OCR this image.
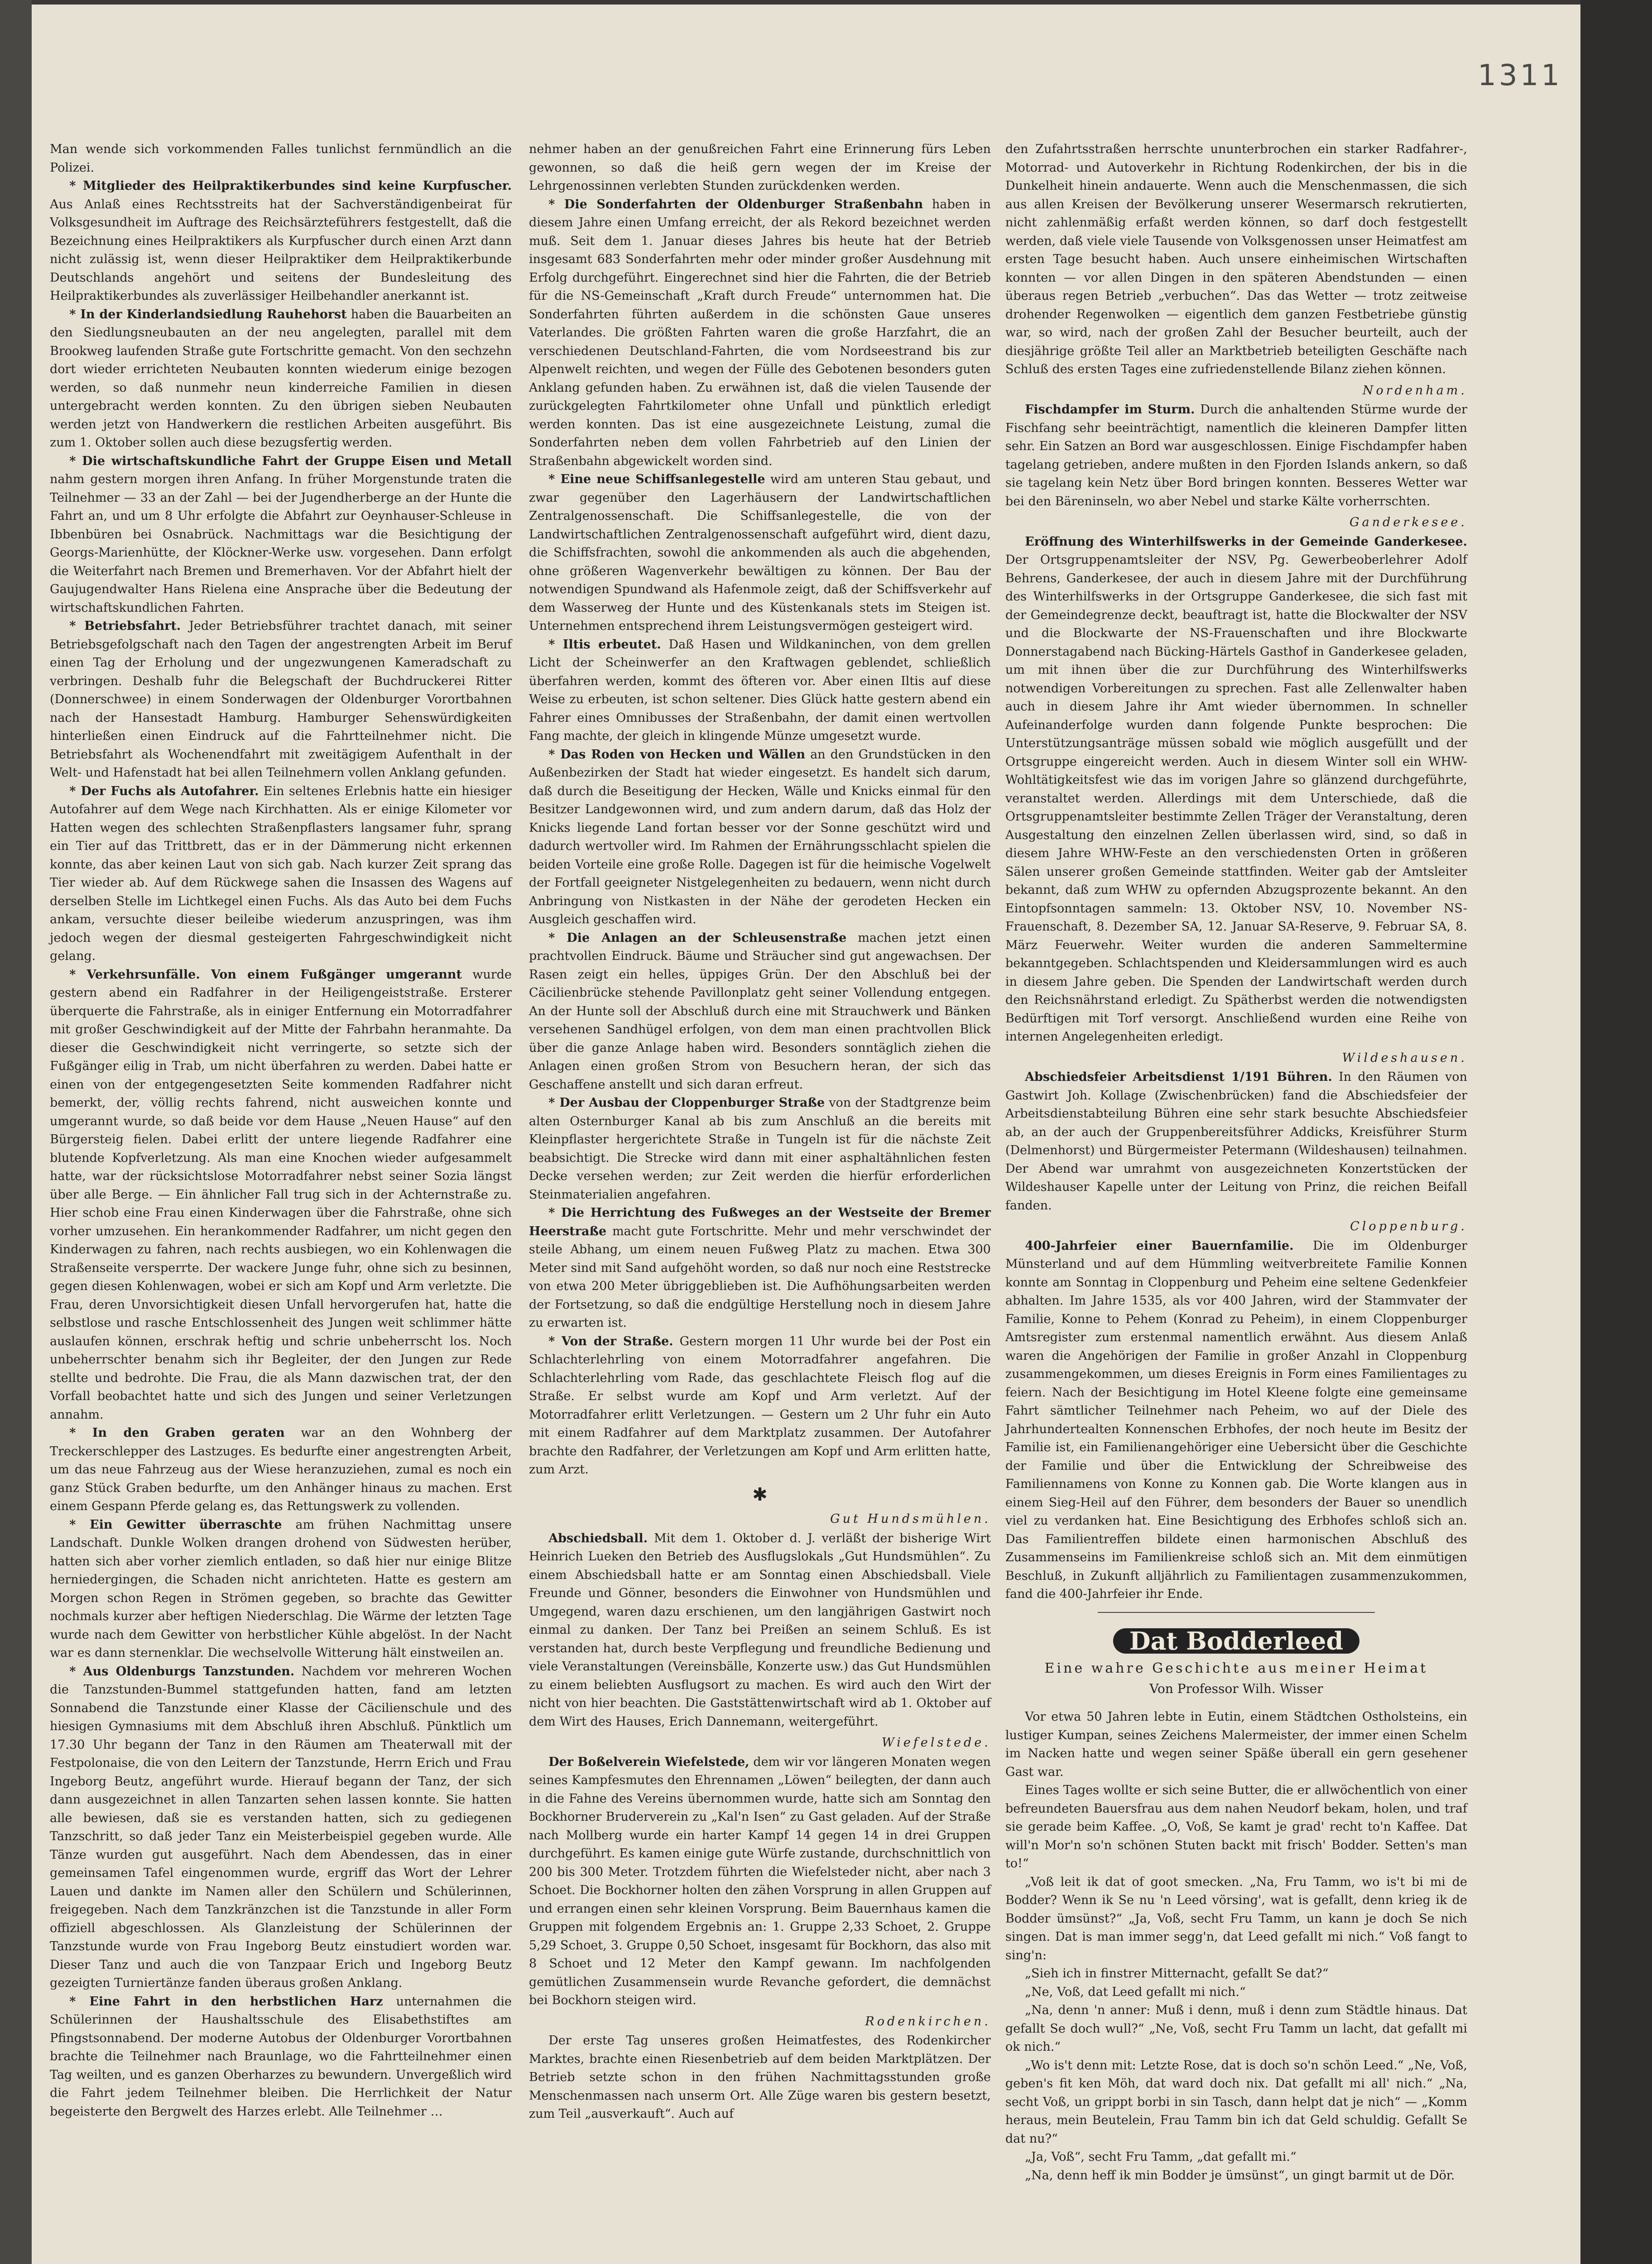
1311

Man wende sich vorkommenden Falles tunlichst fernmündlich an die Polizei.

* Mitglieder des Heilpraktikerbundes sind keine Kurpfuscher. Aus Anlaß eines Rechtsstreits hat der Sachverständigenbeirat für Volksgesundheit im Auftrage des Reichsärzteführers festgestellt, daß die Bezeichnung eines Heilpraktikers als Kurpfuscher durch einen Arzt dann nicht zulässig ist, wenn dieser Heilpraktiker dem Heilpraktikerbunde Deutschlands angehört und seitens der Bundesleitung des Heilpraktikerbundes als zuverlässiger Heilbehandler anerkannt ist.

* In der Kinderlandsiedlung Rauhehorst haben die Bauarbeiten an den Siedlungsneubauten an der neu angelegten, parallel mit dem Brookweg laufenden Straße gute Fortschritte gemacht. Von den sechzehn dort wieder errichteten Neubauten konnten wiederum einige bezogen werden, so daß nunmehr neun kinderreiche Familien in diesen untergebracht werden konnten. Zu den übrigen sieben Neubauten werden jetzt von Handwerkern die restlichen Arbeiten ausgeführt. Bis zum 1. Oktober sollen auch diese bezugsfertig werden.

* Die wirtschaftskundliche Fahrt der Gruppe Eisen und Metall nahm gestern morgen ihren Anfang. In früher Morgenstunde traten die Teilnehmer — 33 an der Zahl — bei der Jugendherberge an der Hunte die Fahrt an, und um 8 Uhr erfolgte die Abfahrt zur Oeynhauser-Schleuse in Ibbenbüren bei Osnabrück. Nachmittags war die Besichtigung der Georgs-Marienhütte, der Klöckner-Werke usw. vorgesehen. Dann erfolgt die Weiterfahrt nach Bremen und Bremerhaven. Vor der Abfahrt hielt der Gaujugendwalter Hans Rielena eine Ansprache über die Bedeutung der wirtschaftskundlichen Fahrten.

* Betriebsfahrt. Jeder Betriebsführer trachtet danach, mit seiner Betriebsgefolgschaft nach den Tagen der angestrengten Arbeit im Beruf einen Tag der Erholung und der ungezwungenen Kameradschaft zu verbringen. Deshalb fuhr die Belegschaft der Buchdruckerei Ritter (Donnerschwee) in einem Sonderwagen der Oldenburger Vorortbahnen nach der Hansestadt Hamburg. Hamburger Sehenswürdigkeiten hinterließen einen Eindruck auf die Fahrtteilnehmer nicht. Die Betriebsfahrt als Wochenendfahrt mit zweitägigem Aufenthalt in der Welt- und Hafenstadt hat bei allen Teilnehmern vollen Anklang gefunden.

* Der Fuchs als Autofahrer. Ein seltenes Erlebnis hatte ein hiesiger Autofahrer auf dem Wege nach Kirchhatten. Als er einige Kilometer vor Hatten wegen des schlechten Straßenpflasters langsamer fuhr, sprang ein Tier auf das Trittbrett, das er in der Dämmerung nicht erkennen konnte, das aber keinen Laut von sich gab. Nach kurzer Zeit sprang das Tier wieder ab. Auf dem Rückwege sahen die Insassen des Wagens auf derselben Stelle im Lichtkegel einen Fuchs. Als das Auto bei dem Fuchs ankam, versuchte dieser beileibe wiederum anzuspringen, was ihm jedoch wegen der diesmal gesteigerten Fahrgeschwindigkeit nicht gelang.

* Verkehrsunfälle. Von einem Fußgänger umgerannt wurde gestern abend ein Radfahrer in der Heiligengeiststraße. Ersterer überquerte die Fahrstraße, als in einiger Entfernung ein Motorradfahrer mit großer Geschwindigkeit auf der Mitte der Fahrbahn heranmahte. Da dieser die Geschwindigkeit nicht verringerte, so setzte sich der Fußgänger eilig in Trab, um nicht überfahren zu werden. Dabei hatte er einen von der entgegengesetzten Seite kommenden Radfahrer nicht bemerkt, der, völlig rechts fahrend, nicht ausweichen konnte und umgerannt wurde, so daß beide vor dem Hause „Neuen Hause“ auf den Bürgersteig fielen. Dabei erlitt der untere liegende Radfahrer eine blutende Kopfverletzung. Als man eine Knochen wieder aufgesammelt hatte, war der rücksichtslose Motorradfahrer nebst seiner Sozia längst über alle Berge. — Ein ähnlicher Fall trug sich in der Achternstraße zu. Hier schob eine Frau einen Kinderwagen über die Fahrstraße, ohne sich vorher umzusehen. Ein herankommender Radfahrer, um nicht gegen den Kinderwagen zu fahren, nach rechts ausbiegen, wo ein Kohlenwagen die Straßenseite versperrte. Der wackere Junge fuhr, ohne sich zu besinnen, gegen diesen Kohlenwagen, wobei er sich am Kopf und Arm verletzte. Die Frau, deren Unvorsichtigkeit diesen Unfall hervorgerufen hat, hatte die selbstlose und rasche Entschlossenheit des Jungen weit schlimmer hätte auslaufen können, erschrak heftig und schrie unbeherrscht los. Noch unbeherrschter benahm sich ihr Begleiter, der den Jungen zur Rede stellte und bedrohte. Die Frau, die als Mann dazwischen trat, der den Vorfall beobachtet hatte und sich des Jungen und seiner Verletzungen annahm.

* In den Graben geraten war an den Wohnberg der Treckerschlepper des Lastzuges. Es bedurfte einer angestrengten Arbeit, um das neue Fahrzeug aus der Wiese heranzuziehen, zumal es noch ein ganz Stück Graben bedurfte, um den Anhänger hinaus zu machen. Erst einem Gespann Pferde gelang es, das Rettungswerk zu vollenden.

* Ein Gewitter überraschte am frühen Nachmittag unsere Landschaft. Dunkle Wolken drangen drohend von Südwesten herüber, hatten sich aber vorher ziemlich entladen, so daß hier nur einige Blitze herniedergingen, die Schaden nicht anrichteten. Hatte es gestern am Morgen schon Regen in Strömen gegeben, so brachte das Gewitter nochmals kurzer aber heftigen Niederschlag. Die Wärme der letzten Tage wurde nach dem Gewitter von herbstlicher Kühle abgelöst. In der Nacht war es dann sternenklar. Die wechselvolle Witterung hält einstweilen an.

* Aus Oldenburgs Tanzstunden. Nachdem vor mehreren Wochen die Tanzstunden-Bummel stattgefunden hatten, fand am letzten Sonnabend die Tanzstunde einer Klasse der Cäcilienschule und des hiesigen Gymnasiums mit dem Abschluß ihren Abschluß. Pünktlich um 17.30 Uhr begann der Tanz in den Räumen am Theaterwall mit der Festpolonaise, die von den Leitern der Tanzstunde, Herrn Erich und Frau Ingeborg Beutz, angeführt wurde. Hierauf begann der Tanz, der sich dann ausgezeichnet in allen Tanzarten sehen lassen konnte. Sie hatten alle bewiesen, daß sie es verstanden hatten, sich zu gediegenen Tanzschritt, so daß jeder Tanz ein Meisterbeispiel gegeben wurde. Alle Tänze wurden gut ausgeführt. Nach dem Abendessen, das in einer gemeinsamen Tafel eingenommen wurde, ergriff das Wort der Lehrer Lauen und dankte im Namen aller den Schülern und Schülerinnen, freigegeben. Nach dem Tanzkränzchen ist die Tanzstunde in aller Form offiziell abgeschlossen. Als Glanzleistung der Schülerinnen der Tanzstunde wurde von Frau Ingeborg Beutz einstudiert worden war. Dieser Tanz und auch die von Tanzpaar Erich und Ingeborg Beutz gezeigten Turniertänze fanden überaus großen Anklang.

* Eine Fahrt in den herbstlichen Harz unternahmen die Schülerinnen der Haushaltsschule des Elisabethstiftes am Pfingstsonnabend. Der moderne Autobus der Oldenburger Vorortbahnen brachte die Teilnehmer nach Braunlage, wo die Fahrtteilnehmer einen Tag weilten, und es ganzen Oberharzes zu bewundern. Unvergeßlich wird die Fahrt jedem Teilnehmer bleiben. Die Herrlichkeit der Natur begeisterte den Bergwelt des Harzes erlebt. Alle Teilnehmer …

nehmer haben an der genußreichen Fahrt eine Erinnerung fürs Leben gewonnen, so daß die heiß gern wegen der im Kreise der Lehrgenossinnen verlebten Stunden zurückdenken werden.

* Die Sonderfahrten der Oldenburger Straßenbahn haben in diesem Jahre einen Umfang erreicht, der als Rekord bezeichnet werden muß. Seit dem 1. Januar dieses Jahres bis heute hat der Betrieb insgesamt 683 Sonderfahrten mehr oder minder großer Ausdehnung mit Erfolg durchgeführt. Eingerechnet sind hier die Fahrten, die der Betrieb für die NS-Gemeinschaft „Kraft durch Freude“ unternommen hat. Die Sonderfahrten führten außerdem in die schönsten Gaue unseres Vaterlandes. Die größten Fahrten waren die große Harzfahrt, die an verschiedenen Deutschland-Fahrten, die vom Nordseestrand bis zur Alpenwelt reichten, und wegen der Fülle des Gebotenen besonders guten Anklang gefunden haben. Zu erwähnen ist, daß die vielen Tausende der zurückgelegten Fahrtkilometer ohne Unfall und pünktlich erledigt werden konnten. Das ist eine ausgezeichnete Leistung, zumal die Sonderfahrten neben dem vollen Fahrbetrieb auf den Linien der Straßenbahn abgewickelt worden sind.

* Eine neue Schiffsanlegestelle wird am unteren Stau gebaut, und zwar gegenüber den Lagerhäusern der Landwirtschaftlichen Zentralgenossenschaft. Die Schiffsanlegestelle, die von der Landwirtschaftlichen Zentralgenossenschaft aufgeführt wird, dient dazu, die Schiffsfrachten, sowohl die ankommenden als auch die abgehenden, ohne größeren Wagenverkehr bewältigen zu können. Der Bau der notwendigen Spundwand als Hafenmole zeigt, daß der Schiffsverkehr auf dem Wasserweg der Hunte und des Küstenkanals stets im Steigen ist. Unternehmen entsprechend ihrem Leistungsvermögen gesteigert wird.

* Iltis erbeutet. Daß Hasen und Wildkaninchen, von dem grellen Licht der Scheinwerfer an den Kraftwagen geblendet, schließlich überfahren werden, kommt des öfteren vor. Aber einen Iltis auf diese Weise zu erbeuten, ist schon seltener. Dies Glück hatte gestern abend ein Fahrer eines Omnibusses der Straßenbahn, der damit einen wertvollen Fang machte, der gleich in klingende Münze umgesetzt wurde.

* Das Roden von Hecken und Wällen an den Grundstücken in den Außenbezirken der Stadt hat wieder eingesetzt. Es handelt sich darum, daß durch die Beseitigung der Hecken, Wälle und Knicks einmal für den Besitzer Landgewonnen wird, und zum andern darum, daß das Holz der Knicks liegende Land fortan besser vor der Sonne geschützt wird und dadurch wertvoller wird. Im Rahmen der Ernährungsschlacht spielen die beiden Vorteile eine große Rolle. Dagegen ist für die heimische Vogelwelt der Fortfall geeigneter Nistgelegenheiten zu bedauern, wenn nicht durch Anbringung von Nistkasten in der Nähe der gerodeten Hecken ein Ausgleich geschaffen wird.

* Die Anlagen an der Schleusenstraße machen jetzt einen prachtvollen Eindruck. Bäume und Sträucher sind gut angewachsen. Der Rasen zeigt ein helles, üppiges Grün. Der den Abschluß bei der Cäcilienbrücke stehende Pavillonplatz geht seiner Vollendung entgegen. An der Hunte soll der Abschluß durch eine mit Strauchwerk und Bänken versehenen Sandhügel erfolgen, von dem man einen prachtvollen Blick über die ganze Anlage haben wird. Besonders sonntäglich ziehen die Anlagen einen großen Strom von Besuchern heran, der sich das Geschaffene anstellt und sich daran erfreut.

* Der Ausbau der Cloppenburger Straße von der Stadtgrenze beim alten Osternburger Kanal ab bis zum Anschluß an die bereits mit Kleinpflaster hergerichtete Straße in Tungeln ist für die nächste Zeit beabsichtigt. Die Strecke wird dann mit einer asphaltähnlichen festen Decke versehen werden; zur Zeit werden die hierfür erforderlichen Steinmaterialien angefahren.

* Die Herrichtung des Fußweges an der Westseite der Bremer Heerstraße macht gute Fortschritte. Mehr und mehr verschwindet der steile Abhang, um einem neuen Fußweg Platz zu machen. Etwa 300 Meter sind mit Sand aufgehöht worden, so daß nur noch eine Reststrecke von etwa 200 Meter übriggeblieben ist. Die Aufhöhungsarbeiten werden der Fortsetzung, so daß die endgültige Herstellung noch in diesem Jahre zu erwarten ist.

* Von der Straße. Gestern morgen 11 Uhr wurde bei der Post ein Schlachterlehrling von einem Motorradfahrer angefahren. Die Schlachterlehrling vom Rade, das geschlachtete Fleisch flog auf die Straße. Er selbst wurde am Kopf und Arm verletzt. Auf der Motorradfahrer erlitt Verletzungen. — Gestern um 2 Uhr fuhr ein Auto mit einem Radfahrer auf dem Marktplatz zusammen. Der Autofahrer brachte den Radfahrer, der Verletzungen am Kopf und Arm erlitten hatte, zum Arzt.

✱
Gut Hundsmühlen.

Abschiedsball. Mit dem 1. Oktober d. J. verläßt der bisherige Wirt Heinrich Lueken den Betrieb des Ausflugslokals „Gut Hundsmühlen“. Zu einem Abschiedsball hatte er am Sonntag einen Abschiedsball. Viele Freunde und Gönner, besonders die Einwohner von Hundsmühlen und Umgegend, waren dazu erschienen, um den langjährigen Gastwirt noch einmal zu danken. Der Tanz bei Preißen an seinem Schluß. Es ist verstanden hat, durch beste Verpflegung und freundliche Bedienung und viele Veranstaltungen (Vereinsbälle, Konzerte usw.) das Gut Hundsmühlen zu einem beliebten Ausflugsort zu machen. Es wird auch den Wirt der nicht von hier beachten. Die Gaststättenwirtschaft wird ab 1. Oktober auf dem Wirt des Hauses, Erich Dannemann, weitergeführt.

Wiefelstede.

Der Boßelverein Wiefelstede, dem wir vor längeren Monaten wegen seines Kampfesmutes den Ehrennamen „Löwen“ beilegten, der dann auch in die Fahne des Vereins übernommen wurde, hatte sich am Sonntag den Bockhorner Bruderverein zu „Kal'n Isen“ zu Gast geladen. Auf der Straße nach Mollberg wurde ein harter Kampf 14 gegen 14 in drei Gruppen durchgeführt. Es kamen einige gute Würfe zustande, durchschnittlich von 200 bis 300 Meter. Trotzdem führten die Wiefelsteder nicht, aber nach 3 Schoet. Die Bockhorner holten den zähen Vorsprung in allen Gruppen auf und errangen einen sehr kleinen Vorsprung. Beim Bauernhaus kamen die Gruppen mit folgendem Ergebnis an: 1. Gruppe 2,33 Schoet, 2. Gruppe 5,29 Schoet, 3. Gruppe 0,50 Schoet, insgesamt für Bockhorn, das also mit 8 Schoet und 12 Meter den Kampf gewann. Im nachfolgenden gemütlichen Zusammensein wurde Revanche gefordert, die demnächst bei Bockhorn steigen wird.

Rodenkirchen.

Der erste Tag unseres großen Heimatfestes, des Rodenkircher Marktes, brachte einen Riesenbetrieb auf dem beiden Marktplätzen. Der Betrieb setzte schon in den frühen Nachmittagsstunden große Menschenmassen nach unserm Ort. Alle Züge waren bis gestern besetzt, zum Teil „ausverkauft“. Auch auf

den Zufahrtsstraßen herrschte ununterbrochen ein starker Radfahrer-, Motorrad- und Autoverkehr in Richtung Rodenkirchen, der bis in die Dunkelheit hinein andauerte. Wenn auch die Menschenmassen, die sich aus allen Kreisen der Bevölkerung unserer Wesermarsch rekrutierten, nicht zahlenmäßig erfaßt werden können, so darf doch festgestellt werden, daß viele viele Tausende von Volksgenossen unser Heimatfest am ersten Tage besucht haben. Auch unsere einheimischen Wirtschaften konnten — vor allen Dingen in den späteren Abendstunden — einen überaus regen Betrieb „verbuchen“. Das das Wetter — trotz zeitweise drohender Regenwolken — eigentlich dem ganzen Festbetriebe günstig war, so wird, nach der großen Zahl der Besucher beurteilt, auch der diesjährige größte Teil aller an Marktbetrieb beteiligten Geschäfte nach Schluß des ersten Tages eine zufriedenstellende Bilanz ziehen können.

Nordenham.

Fischdampfer im Sturm. Durch die anhaltenden Stürme wurde der Fischfang sehr beeinträchtigt, namentlich die kleineren Dampfer litten sehr. Ein Satzen an Bord war ausgeschlossen. Einige Fischdampfer haben tagelang getrieben, andere mußten in den Fjorden Islands ankern, so daß sie tagelang kein Netz über Bord bringen konnten. Besseres Wetter war bei den Bäreninseln, wo aber Nebel und starke Kälte vorherrschten.

Ganderkesee.

Eröffnung des Winterhilfswerks in der Gemeinde Ganderkesee. Der Ortsgruppenamtsleiter der NSV, Pg. Gewerbeoberlehrer Adolf Behrens, Ganderkesee, der auch in diesem Jahre mit der Durchführung des Winterhilfswerks in der Ortsgruppe Ganderkesee, die sich fast mit der Gemeindegrenze deckt, beauftragt ist, hatte die Blockwalter der NSV und die Blockwarte der NS-Frauenschaften und ihre Blockwarte Donnerstagabend nach Bücking-Härtels Gasthof in Ganderkesee geladen, um mit ihnen über die zur Durchführung des Winterhilfswerks notwendigen Vorbereitungen zu sprechen. Fast alle Zellenwalter haben auch in diesem Jahre ihr Amt wieder übernommen. In schneller Aufeinanderfolge wurden dann folgende Punkte besprochen: Die Unterstützungsanträge müssen sobald wie möglich ausgefüllt und der Ortsgruppe eingereicht werden. Auch in diesem Winter soll ein WHW-Wohltätigkeitsfest wie das im vorigen Jahre so glänzend durchgeführte, veranstaltet werden. Allerdings mit dem Unterschiede, daß die Ortsgruppenamtsleiter bestimmte Zellen Träger der Veranstaltung, deren Ausgestaltung den einzelnen Zellen überlassen wird, sind, so daß in diesem Jahre WHW-Feste an den verschiedensten Orten in größeren Sälen unserer großen Gemeinde stattfinden. Weiter gab der Amtsleiter bekannt, daß zum WHW zu opfernden Abzugsprozente bekannt. An den Eintopfsonntagen sammeln: 13. Oktober NSV, 10. November NS-Frauenschaft, 8. Dezember SA, 12. Januar SA-Reserve, 9. Februar SA, 8. März Feuerwehr. Weiter wurden die anderen Sammeltermine bekanntgegeben. Schlachtspenden und Kleidersammlungen wird es auch in diesem Jahre geben. Die Spenden der Landwirtschaft werden durch den Reichsnährstand erledigt. Zu Spätherbst werden die notwendigsten Bedürftigen mit Torf versorgt. Anschließend wurden eine Reihe von internen Angelegenheiten erledigt.

Wildeshausen.

Abschiedsfeier Arbeitsdienst 1/191 Bühren. In den Räumen von Gastwirt Joh. Kollage (Zwischenbrücken) fand die Abschiedsfeier der Arbeitsdienstabteilung Bühren eine sehr stark besuchte Abschiedsfeier ab, an der auch der Gruppenbereitsführer Addicks, Kreisführer Sturm (Delmenhorst) und Bürgermeister Petermann (Wildeshausen) teilnahmen. Der Abend war umrahmt von ausgezeichneten Konzertstücken der Wildeshauser Kapelle unter der Leitung von Prinz, die reichen Beifall fanden.

Cloppenburg.

400-Jahrfeier einer Bauernfamilie. Die im Oldenburger Münsterland und auf dem Hümmling weitverbreitete Familie Konnen konnte am Sonntag in Cloppenburg und Peheim eine seltene Gedenkfeier abhalten. Im Jahre 1535, als vor 400 Jahren, wird der Stammvater der Familie, Konne to Pehem (Konrad zu Peheim), in einem Cloppenburger Amtsregister zum erstenmal namentlich erwähnt. Aus diesem Anlaß waren die Angehörigen der Familie in großer Anzahl in Cloppenburg zusammengekommen, um dieses Ereignis in Form eines Familientages zu feiern. Nach der Besichtigung im Hotel Kleene folgte eine gemeinsame Fahrt sämtlicher Teilnehmer nach Peheim, wo auf der Diele des Jahrhundertealten Konnenschen Erbhofes, der noch heute im Besitz der Familie ist, ein Familienangehöriger eine Uebersicht über die Geschichte der Familie und über die Entwicklung der Schreibweise des Familiennamens von Konne zu Konnen gab. Die Worte klangen aus in einem Sieg-Heil auf den Führer, dem besonders der Bauer so unendlich viel zu verdanken hat. Eine Besichtigung des Erbhofes schloß sich an. Das Familientreffen bildete einen harmonischen Abschluß des Zusammenseins im Familienkreise schloß sich an. Mit dem einmütigen Beschluß, in Zukunft alljährlich zu Familientagen zusammenzukommen, fand die 400-Jahrfeier ihr Ende.

Dat Bodderleed
Eine wahre Geschichte aus meiner Heimat
Von Professor Wilh. Wisser

Vor etwa 50 Jahren lebte in Eutin, einem Städtchen Ostholsteins, ein lustiger Kumpan, seines Zeichens Malermeister, der immer einen Schelm im Nacken hatte und wegen seiner Späße überall ein gern gesehener Gast war.

Eines Tages wollte er sich seine Butter, die er allwöchentlich von einer befreundeten Bauersfrau aus dem nahen Neudorf bekam, holen, und traf sie gerade beim Kaffee. „O, Voß, Se kamt je grad' recht to'n Kaffee. Dat will'n Mor'n so'n schönen Stuten backt mit frisch' Bodder. Setten's man to!“

„Voß leit ik dat of goot smecken. „Na, Fru Tamm, wo is't bi mi de Bodder? Wenn ik Se nu 'n Leed vörsing', wat is gefallt, denn krieg ik de Bodder ümsünst?“ „Ja, Voß, secht Fru Tamm, un kann je doch Se nich singen. Dat is man immer segg'n, dat Leed gefallt mi nich.“ Voß fangt to sing'n:

„Sieh ich in finstrer Mitternacht, gefallt Se dat?“

„Ne, Voß, dat Leed gefallt mi nich.“

„Na, denn 'n anner: Muß i denn, muß i denn zum Städtle hinaus. Dat gefallt Se doch wull?“ „Ne, Voß, secht Fru Tamm un lacht, dat gefallt mi ok nich.“

„Wo is't denn mit: Letzte Rose, dat is doch so'n schön Leed.“ „Ne, Voß, geben's fit ken Möh, dat ward doch nix. Dat gefallt mi all' nich.“ „Na, secht Voß, un grippt borbi in sin Tasch, dann helpt dat je nich“ — „Komm heraus, mein Beutelein, Frau Tamm bin ich dat Geld schuldig. Gefallt Se dat nu?“

„Ja, Voß“, secht Fru Tamm, „dat gefallt mi.“

„Na, denn heff ik min Bodder je ümsünst“, un gingt barmit ut de Dör.
